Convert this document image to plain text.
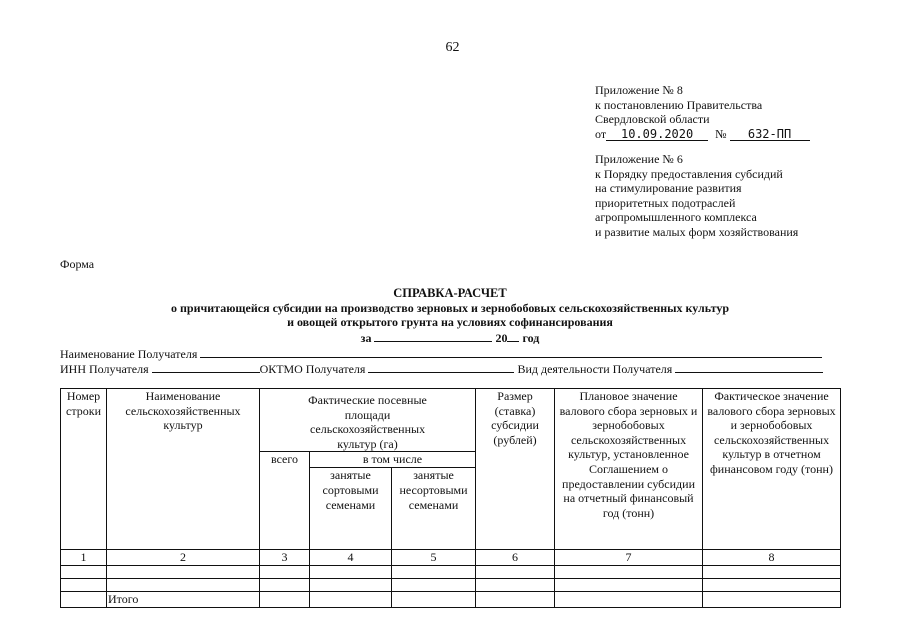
62
Приложение № 8
к постановлению Правительства
Свердловской области
от 10.09.2020 № 632-ПП
Приложение № 6
к Порядку предоставления субсидий
на стимулирование развития
приоритетных подотраслей
агропромышленного комплекса
и развитие малых форм хозяйствования
Форма
СПРАВКА-РАСЧЕТ
о причитающейся субсидии на производство зерновых и зернобобовых сельскохозяйственных культур
и овощей открытого грунта на условиях софинансирования
за	20 год
Наименование Получателя
ИНН Получателя	ОКТМО Получателя	Вид деятельности Получателя
Номер строки	Наименование сельскохозяйственных культур	Фактические посевные площади сельскохозяйственных культур (га)			Размер (ставка) субсидии (рублей)	Плановое значение валового сбора зерновых и зернобобовых сельскохозяйственных культур, установленное Соглашением о предоставлении субсидии на отчетный финансовый год (тонн)	Фактическое значение валового сбора зерновых и зернобобовых сельскохозяйственных культур в отчетном финансовом году (тонн)
		всего	в том числе				
			занятые сортовыми семенами	занятые несортовыми семенами			
1	2	3	4	5	6	7	8

	Итого						
